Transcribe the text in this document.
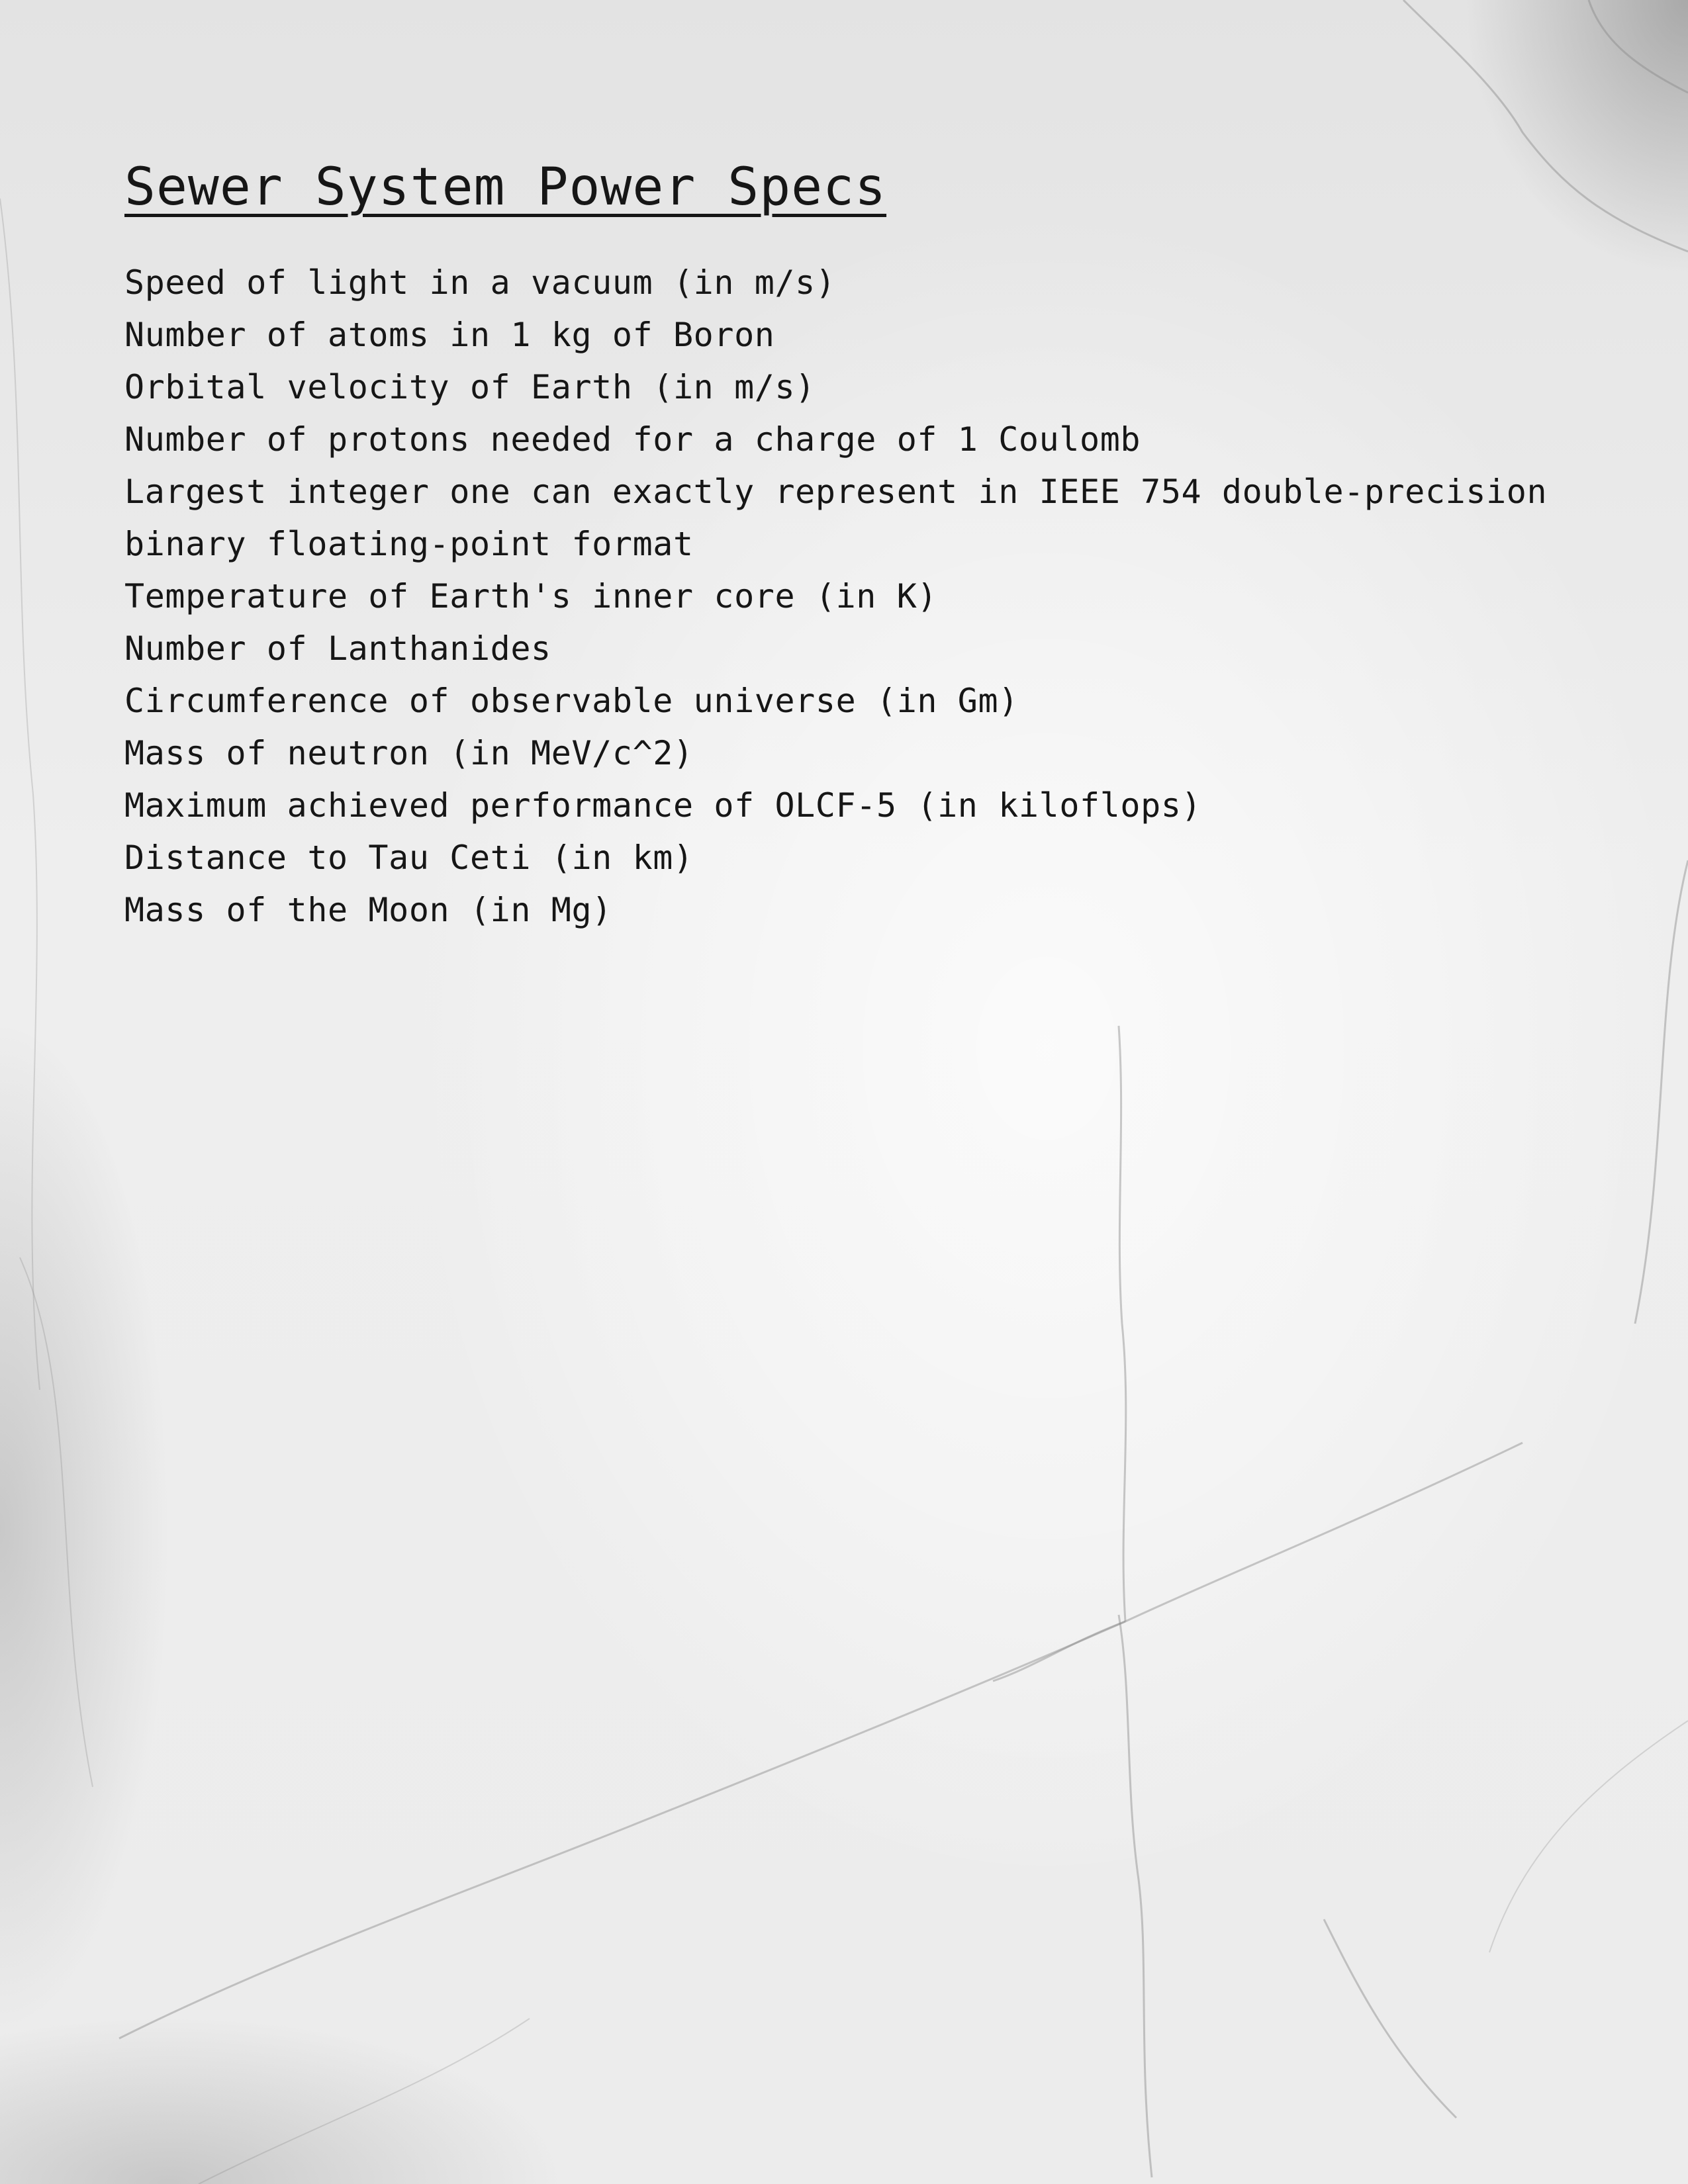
Sewer System Power Specs
Speed of light in a vacuum (in m/s)
Number of atoms in 1 kg of Boron
Orbital velocity of Earth (in m/s)
Number of protons needed for a charge of 1 Coulomb
Largest integer one can exactly represent in IEEE 754 double-precision
binary floating-point format
Temperature of Earth's inner core (in K)
Number of Lanthanides
Circumference of observable universe (in Gm)
Mass of neutron (in MeV/c^2)
Maximum achieved performance of OLCF-5 (in kiloflops)
Distance to Tau Ceti (in km)
Mass of the Moon (in Mg)
